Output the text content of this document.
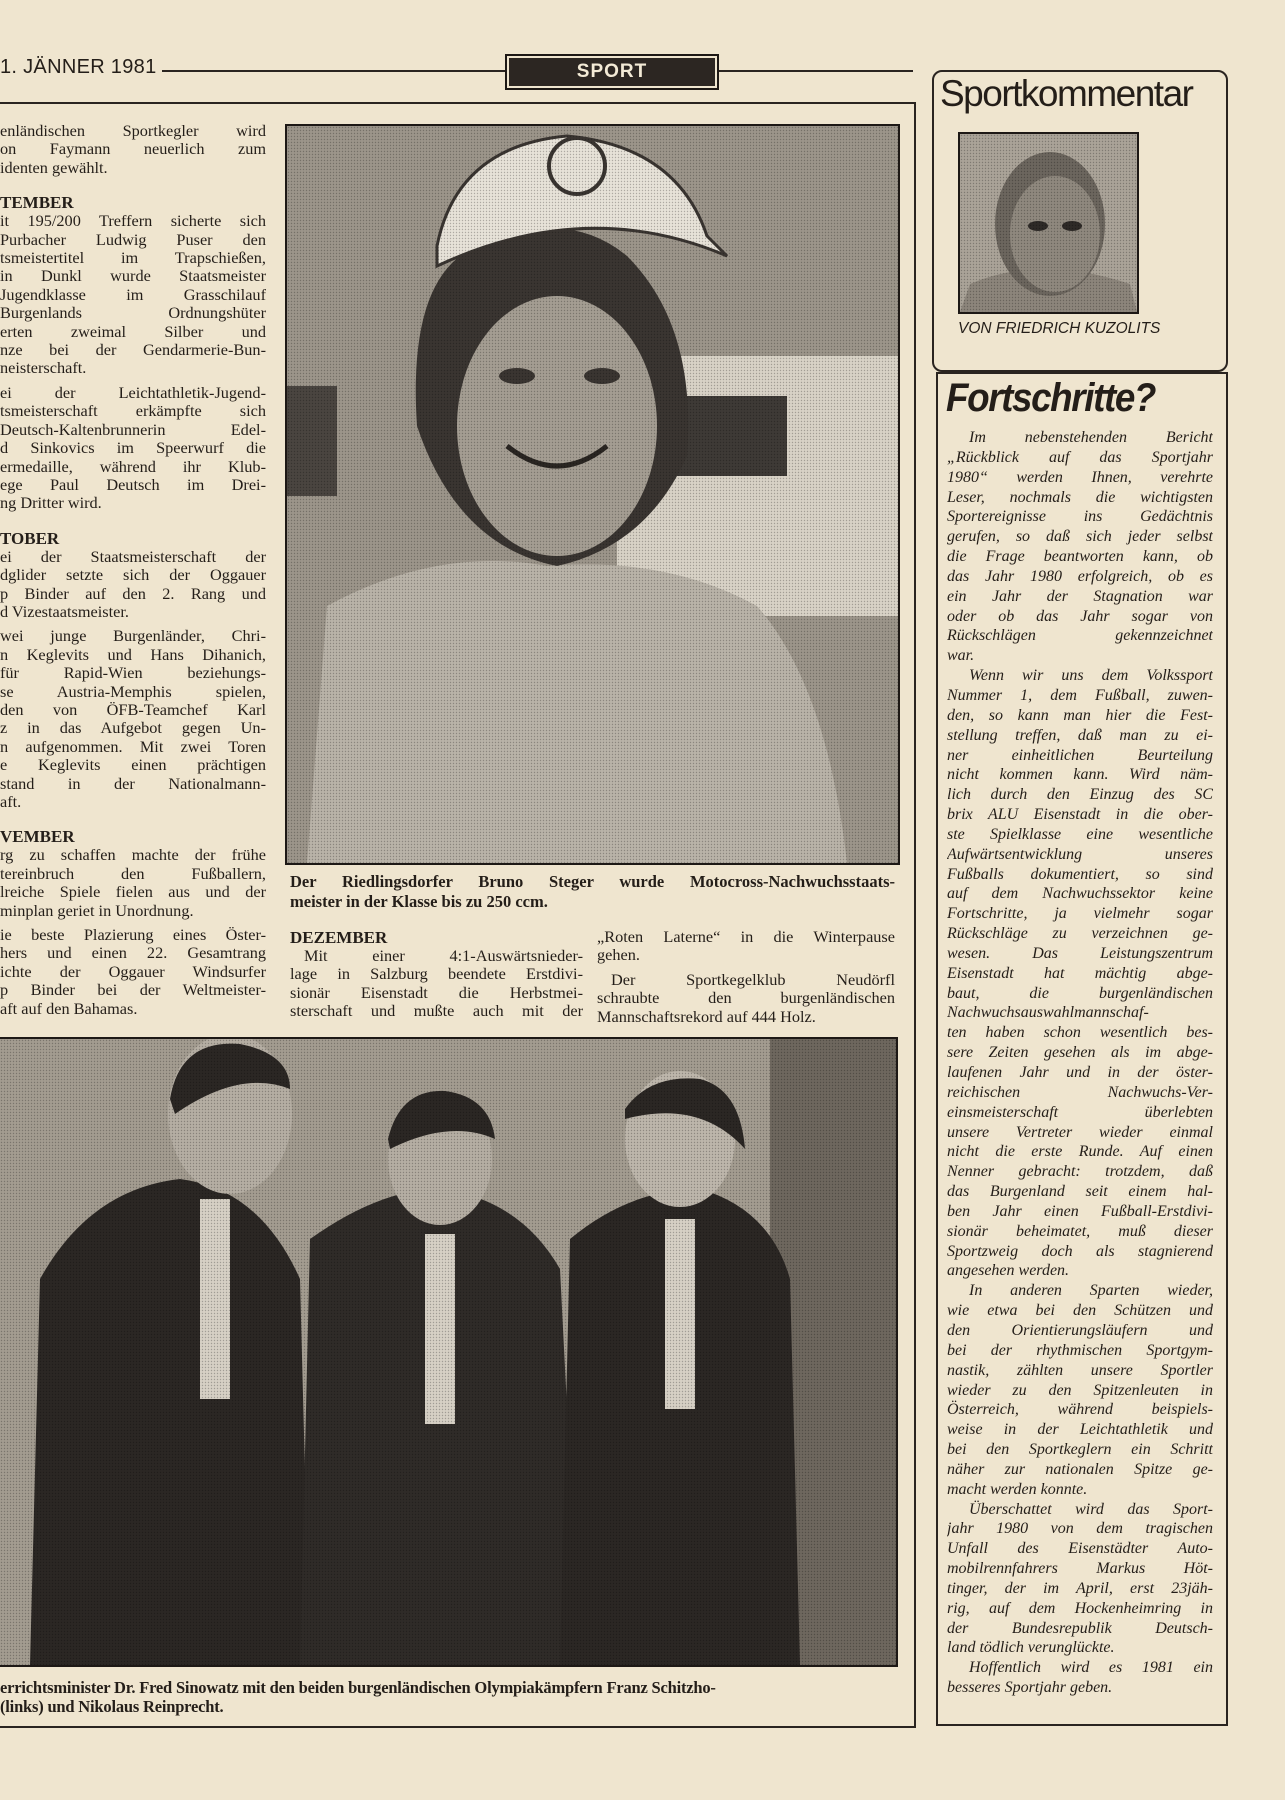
1. JÄNNER 1981	SPORT
enländischen Sportkegler wird
on Faymann neuerlich zum
identen gewählt.
TEMBER
it 195/200 Treffern sicherte sich
Purbacher Ludwig Puser den
tsmeistertitel im Trapschießen,
in Dunkl wurde Staatsmeister
Jugendklasse im Grasschilauf
Burgenlands Ordnungshüter
erten zweimal Silber und
nze bei der Gendarmerie-Bun-
neisterschaft.
ei der Leichtathletik-Jugend-
tsmeisterschaft erkämpfte sich
Deutsch-Kaltenbrunnerin Edel-
d Sinkovics im Speerwurf die
ermedaille, während ihr Klub-
ege Paul Deutsch im Drei-
ng Dritter wird.
TOBER
ei der Staatsmeisterschaft der
dglider setzte sich der Oggauer
p Binder auf den 2. Rang und
d Vizestaatsmeister.
wei junge Burgenländer, Chri-
n Keglevits und Hans Dihanich,
für Rapid-Wien beziehungs-
se Austria-Memphis spielen,
den von ÖFB-Teamchef Karl
z in das Aufgebot gegen Un-
n aufgenommen. Mit zwei Toren
e Keglevits einen prächtigen
stand in der Nationalmann-
aft.
VEMBER
rg zu schaffen machte der frühe
tereinbruch den Fußballern,
lreiche Spiele fielen aus und der
minplan geriet in Unordnung.
ie beste Plazierung eines Öster-
hers und einen 22. Gesamtrang
ichte der Oggauer Windsurfer
p Binder bei der Weltmeister-
aft auf den Bahamas.
Der Riedlingsdorfer Bruno Steger wurde Motocross-Nachwuchsstaats-
meister in der Klasse bis zu 250 ccm.
DEZEMBER
Mit einer 4:1-Auswärtsnieder-
lage in Salzburg beendete Erstdivi-
sionär Eisenstadt die Herbstmei-
sterschaft und mußte auch mit der
„Roten Laterne“ in die Winterpause
gehen.
Der Sportkegelklub Neudörfl
schraubte den burgenländischen
Mannschaftsrekord auf 444 Holz.
errichtsminister Dr. Fred Sinowatz mit den beiden burgenländischen Olympiakämpfern Franz Schitzho-
(links) und Nikolaus Reinprecht.
Sportkommentar
VON FRIEDRICH KUZOLITS
Fortschritte?
Im nebenstehenden Bericht
„Rückblick auf das Sportjahr
1980“ werden Ihnen, verehrte
Leser, nochmals die wichtigsten
Sportereignisse ins Gedächtnis
gerufen, so daß sich jeder selbst
die Frage beantworten kann, ob
das Jahr 1980 erfolgreich, ob es
ein Jahr der Stagnation war
oder ob das Jahr sogar von
Rückschlägen gekennzeichnet
war.
Wenn wir uns dem Volkssport
Nummer 1, dem Fußball, zuwen-
den, so kann man hier die Fest-
stellung treffen, daß man zu ei-
ner einheitlichen Beurteilung
nicht kommen kann. Wird näm-
lich durch den Einzug des SC
brix ALU Eisenstadt in die ober-
ste Spielklasse eine wesentliche
Aufwärtsentwicklung unseres
Fußballs dokumentiert, so sind
auf dem Nachwuchssektor keine
Fortschritte, ja vielmehr sogar
Rückschläge zu verzeichnen ge-
wesen. Das Leistungszentrum
Eisenstadt hat mächtig abge-
baut, die burgenländischen
Nachwuchsauswahlmannschaf-
ten haben schon wesentlich bes-
sere Zeiten gesehen als im abge-
laufenen Jahr und in der öster-
reichischen Nachwuchs-Ver-
einsmeisterschaft überlebten
unsere Vertreter wieder einmal
nicht die erste Runde. Auf einen
Nenner gebracht: trotzdem, daß
das Burgenland seit einem hal-
ben Jahr einen Fußball-Erstdivi-
sionär beheimatet, muß dieser
Sportzweig doch als stagnierend
angesehen werden.
In anderen Sparten wieder,
wie etwa bei den Schützen und
den Orientierungsläufern und
bei der rhythmischen Sportgym-
nastik, zählten unsere Sportler
wieder zu den Spitzenleuten in
Österreich, während beispiels-
weise in der Leichtathletik und
bei den Sportkeglern ein Schritt
näher zur nationalen Spitze ge-
macht werden konnte.
Überschattet wird das Sport-
jahr 1980 von dem tragischen
Unfall des Eisenstädter Auto-
mobilrennfahrers Markus Höt-
tinger, der im April, erst 23jäh-
rig, auf dem Hockenheimring in
der Bundesrepublik Deutsch-
land tödlich verunglückte.
Hoffentlich wird es 1981 ein
besseres Sportjahr geben.
